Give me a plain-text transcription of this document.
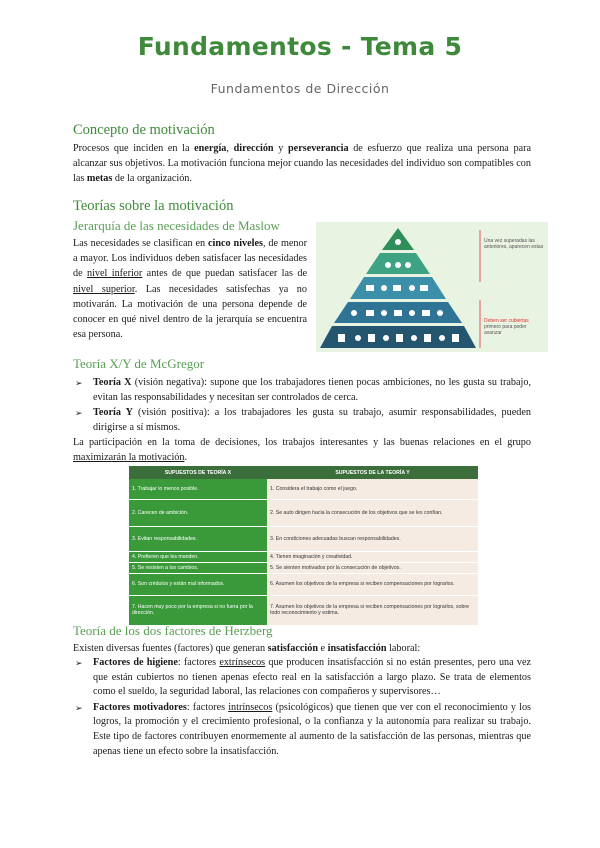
Fundamentos - Tema 5
Fundamentos de Dirección
Concepto de motivación
Procesos que inciden en la energía, dirección y perseverancia de esfuerzo que realiza una persona para alcanzar sus objetivos. La motivación funciona mejor cuando las necesidades del individuo son compatibles con las metas de la organización.
Teorías sobre la motivación
Jerarquía de las necesidades de Maslow
Las necesidades se clasifican en cinco niveles, de menor a mayor. Los individuos deben satisfacer las necesidades de nivel inferior antes de que puedan satisfacer las de nivel superior. Las necesidades satisfechas ya no motivarán. La motivación de una persona depende de conocer en qué nivel dentro de la jerarquía se encuentra esa persona.
Una vez superadas las anteriores, aparecen estas
Deben ser cubiertas primero para poder avanzar
Teoría X/Y de McGregor
➢ Teoría X (visión negativa): supone que los trabajadores tienen pocas ambiciones, no les gusta su trabajo, evitan las responsabilidades y necesitan ser controlados de cerca.
➢ Teoría Y (visión positiva): a los trabajadores les gusta su trabajo, asumir responsabilidades, pueden dirigirse a sí mismos.
La participación en la toma de decisiones, los trabajos interesantes y las buenas relaciones en el grupo maximizarán la motivación.
SUPUESTOS DE TEORÍA X	SUPUESTOS DE LA TEORÍA Y
1. Trabajar lo menos posible.	1. Considera el trabajo como el juego.
2. Carecen de ambición.	2. Se auto dirigen hacia la consecución de los objetivos que se les confían.
3. Evitan responsabilidades.	3. En condiciones adecuadas buscan responsabilidades.
4. Prefieren que les manden.	4. Tienen imaginación y creatividad.
5. Se resisten a los cambios.	5. Se sienten motivados por la consecución de objetivos.
6. Son crédulos y están mal informados.	6. Asumen los objetivos de la empresa si reciben compensaciones por lograrlos.
7. Hacen muy poco por la empresa si no fuera por la dirección.	7. Asumen los objetivos de la empresa si reciben compensaciones por lograrlos, sobre todo reconocimiento y estima.
Teoría de los dos factores de Herzberg
Existen diversas fuentes (factores) que generan satisfacción e insatisfacción laboral:
➢ Factores de higiene: factores extrínsecos que producen insatisfacción si no están presentes, pero una vez que están cubiertos no tienen apenas efecto real en la satisfacción a largo plazo. Se trata de elementos como el sueldo, la seguridad laboral, las relaciones con compañeros y supervisores…
➢ Factores motivadores: factores intrínsecos (psicológicos) que tienen que ver con el reconocimiento y los logros, la promoción y el crecimiento profesional, o la confianza y la autonomía para realizar su trabajo. Este tipo de factores contribuyen enormemente al aumento de la satisfacción de las personas, mientras que apenas tiene un efecto sobre la insatisfacción.
